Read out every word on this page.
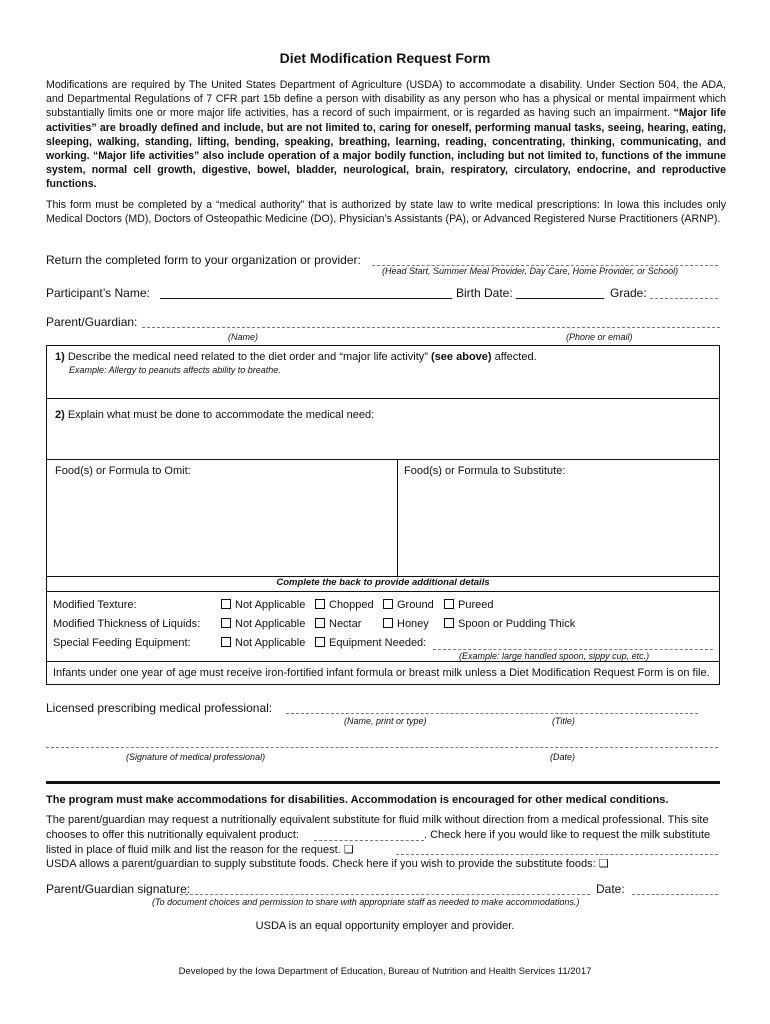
Diet Modification Request Form
Modifications are required by The United States Department of Agriculture (USDA) to accommodate a disability. Under Section 504, the ADA, and Departmental Regulations of 7 CFR part 15b define a person with disability as any person who has a physical or mental impairment which substantially limits one or more major life activities, has a record of such impairment, or is regarded as having such an impairment. “Major life activities” are broadly defined and include, but are not limited to, caring for oneself, performing manual tasks, seeing, hearing, eating, sleeping, walking, standing, lifting, bending, speaking, breathing, learning, reading, concentrating, thinking, communicating, and working. “Major life activities” also include operation of a major bodily function, including but not limited to, functions of the immune system, normal cell growth, digestive, bowel, bladder, neurological, brain, respiratory, circulatory, endocrine, and reproductive functions.
This form must be completed by a “medical authority” that is authorized by state law to write medical prescriptions: In Iowa this includes only Medical Doctors (MD), Doctors of Osteopathic Medicine (DO), Physician’s Assistants (PA), or Advanced Registered Nurse Practitioners (ARNP).
Return the completed form to your organization or provider:
(Head Start, Summer Meal Provider, Day Care, Home Provider, or School)
Participant’s Name:	Birth Date:	Grade:
Parent/Guardian:
(Name)	(Phone or email)
1) Describe the medical need related to the diet order and “major life activity” (see above) affected.
Example: Allergy to peanuts affects ability to breathe.
2) Explain what must be done to accommodate the medical need:
Food(s) or Formula to Omit:	Food(s) or Formula to Substitute:
Complete the back to provide additional details
Modified Texture:	Not Applicable	Chopped	Ground	Pureed
Modified Thickness of Liquids:	Not Applicable	Nectar	Honey	Spoon or Pudding Thick
Special Feeding Equipment:	Not Applicable	Equipment Needed:
(Example: large handled spoon, sippy cup, etc.)
Infants under one year of age must receive iron-fortified infant formula or breast milk unless a Diet Modification Request Form is on file.
Licensed prescribing medical professional:
(Name, print or type)	(Title)
(Signature of medical professional)	(Date)
The program must make accommodations for disabilities. Accommodation is encouraged for other medical conditions.
The parent/guardian may request a nutritionally equivalent substitute for fluid milk without direction from a medical professional. This site
chooses to offer this nutritionally equivalent product:	. Check here if you would like to request the milk substitute
listed in place of fluid milk and list the reason for the request. ❑
USDA allows a parent/guardian to supply substitute foods. Check here if you wish to provide the substitute foods: ❑
Parent/Guardian signature:	Date:
(To document choices and permission to share with appropriate staff as needed to make accommodations.)
USDA is an equal opportunity employer and provider.
Developed by the Iowa Department of Education, Bureau of Nutrition and Health Services 11/2017
